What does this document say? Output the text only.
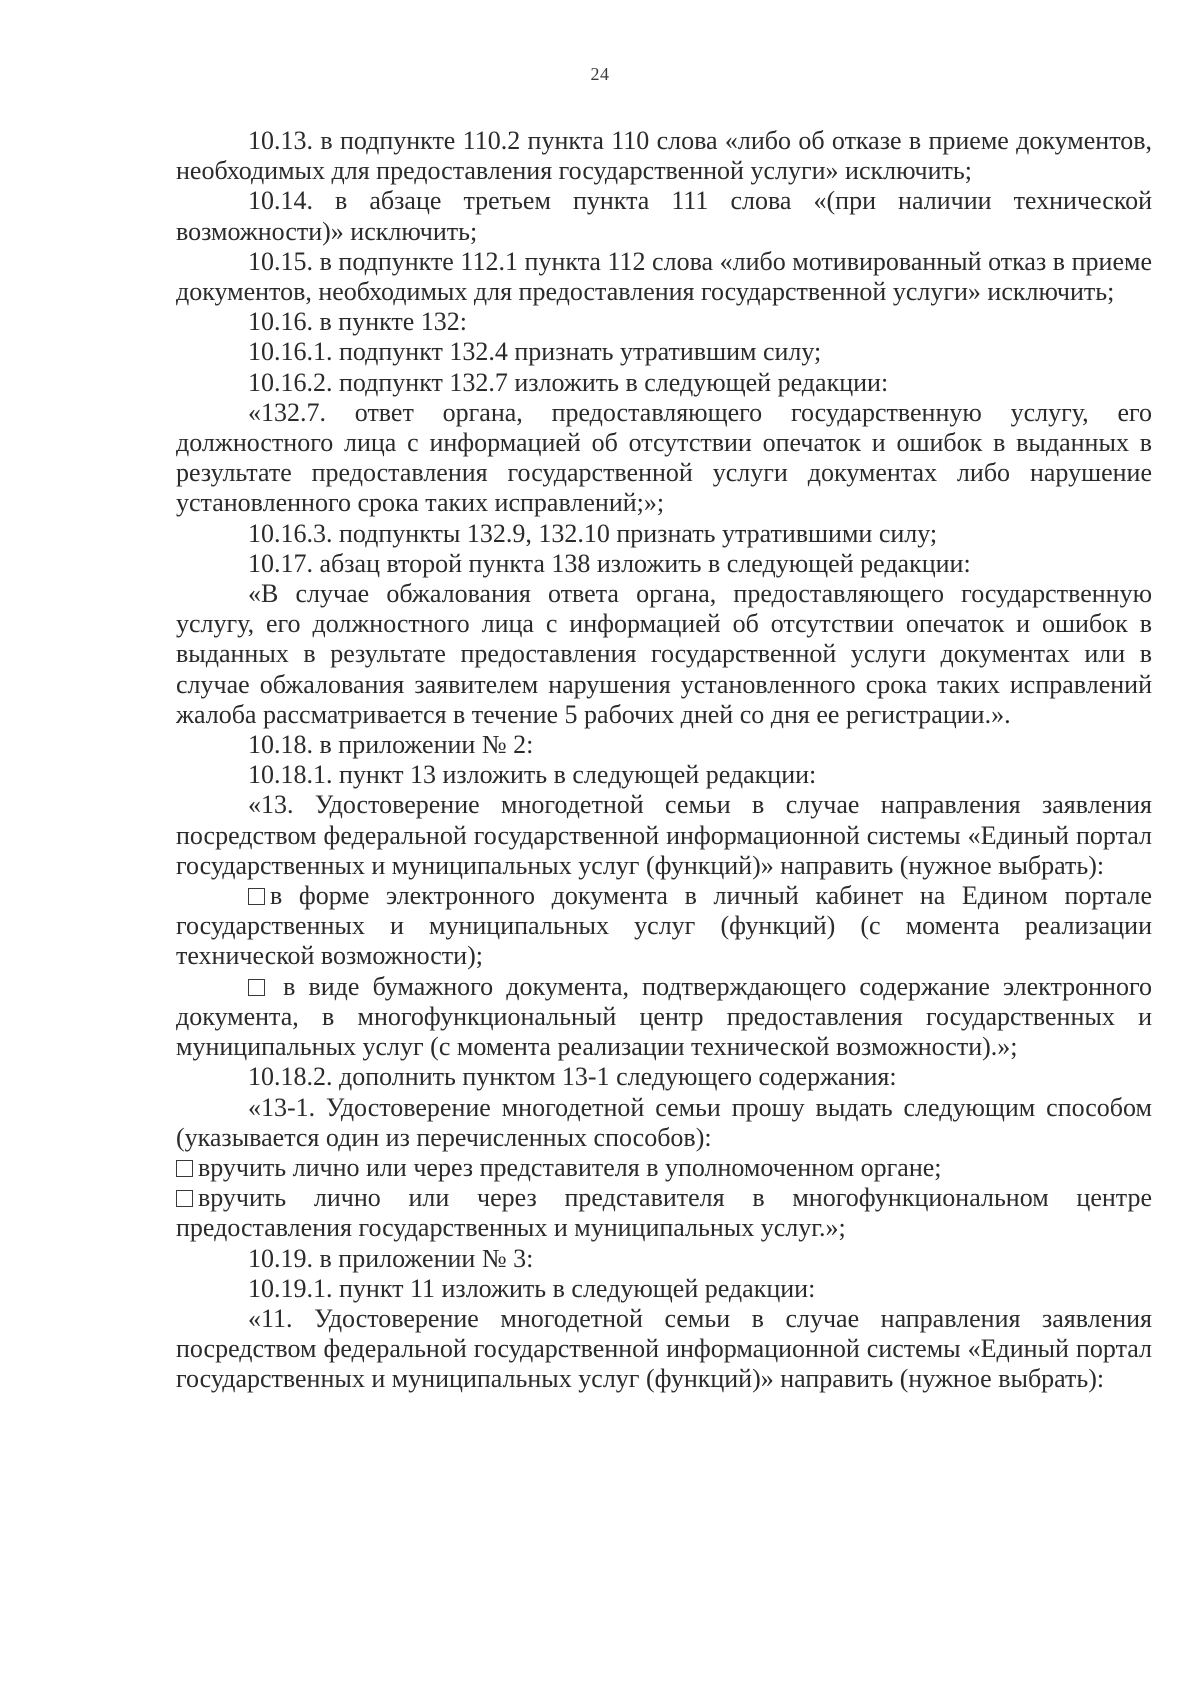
24

10.13. в подпункте 110.2 пункта 110 слова «либо об отказе в приеме документов, необходимых для предоставления государственной услуги» исключить;

10.14. в абзаце третьем пункта 111 слова «(при наличии технической возможности)» исключить;

10.15. в подпункте 112.1 пункта 112 слова «либо мотивированный отказ в приеме документов, необходимых для предоставления государственной услуги» исключить;

10.16. в пункте 132:

10.16.1. подпункт 132.4 признать утратившим силу;

10.16.2. подпункт 132.7 изложить в следующей редакции:

«132.7. ответ органа, предоставляющего государственную услугу, его должностного лица с информацией об отсутствии опечаток и ошибок в выданных в результате предоставления государственной услуги документах либо нарушение установленного срока таких исправлений;»;

10.16.3. подпункты 132.9, 132.10 признать утратившими силу;

10.17. абзац второй пункта 138 изложить в следующей редакции:

«В случае обжалования ответа органа, предоставляющего государственную услугу, его должностного лица с информацией об отсутствии опечаток и ошибок в выданных в результате предоставления государственной услуги документах или в случае обжалования заявителем нарушения установленного срока таких исправлений жалоба рассматривается в течение 5 рабочих дней со дня ее регистрации.».

10.18. в приложении № 2:

10.18.1. пункт 13 изложить в следующей редакции:

«13. Удостоверение многодетной семьи в случае направления заявления посредством федеральной государственной информационной системы «Единый портал государственных и муниципальных услуг (функций)» направить (нужное выбрать):

в форме электронного документа в личный кабинет на Едином портале государственных и муниципальных услуг (функций) (с момента реализации технической возможности);

в виде бумажного документа, подтверждающего содержание электронного документа, в многофункциональный центр предоставления государственных и муниципальных услуг (с момента реализации технической возможности).»;

10.18.2. дополнить пунктом 13-1 следующего содержания:

«13-1. Удостоверение многодетной семьи прошу выдать следующим способом (указывается один из перечисленных способов):

вручить лично или через представителя в уполномоченном органе;

вручить лично или через представителя в многофункциональном центре предоставления государственных и муниципальных услуг.»;

10.19. в приложении № 3:

10.19.1. пункт 11 изложить в следующей редакции:

«11. Удостоверение многодетной семьи в случае направления заявления посредством федеральной государственной информационной системы «Единый портал государственных и муниципальных услуг (функций)» направить (нужное выбрать):
